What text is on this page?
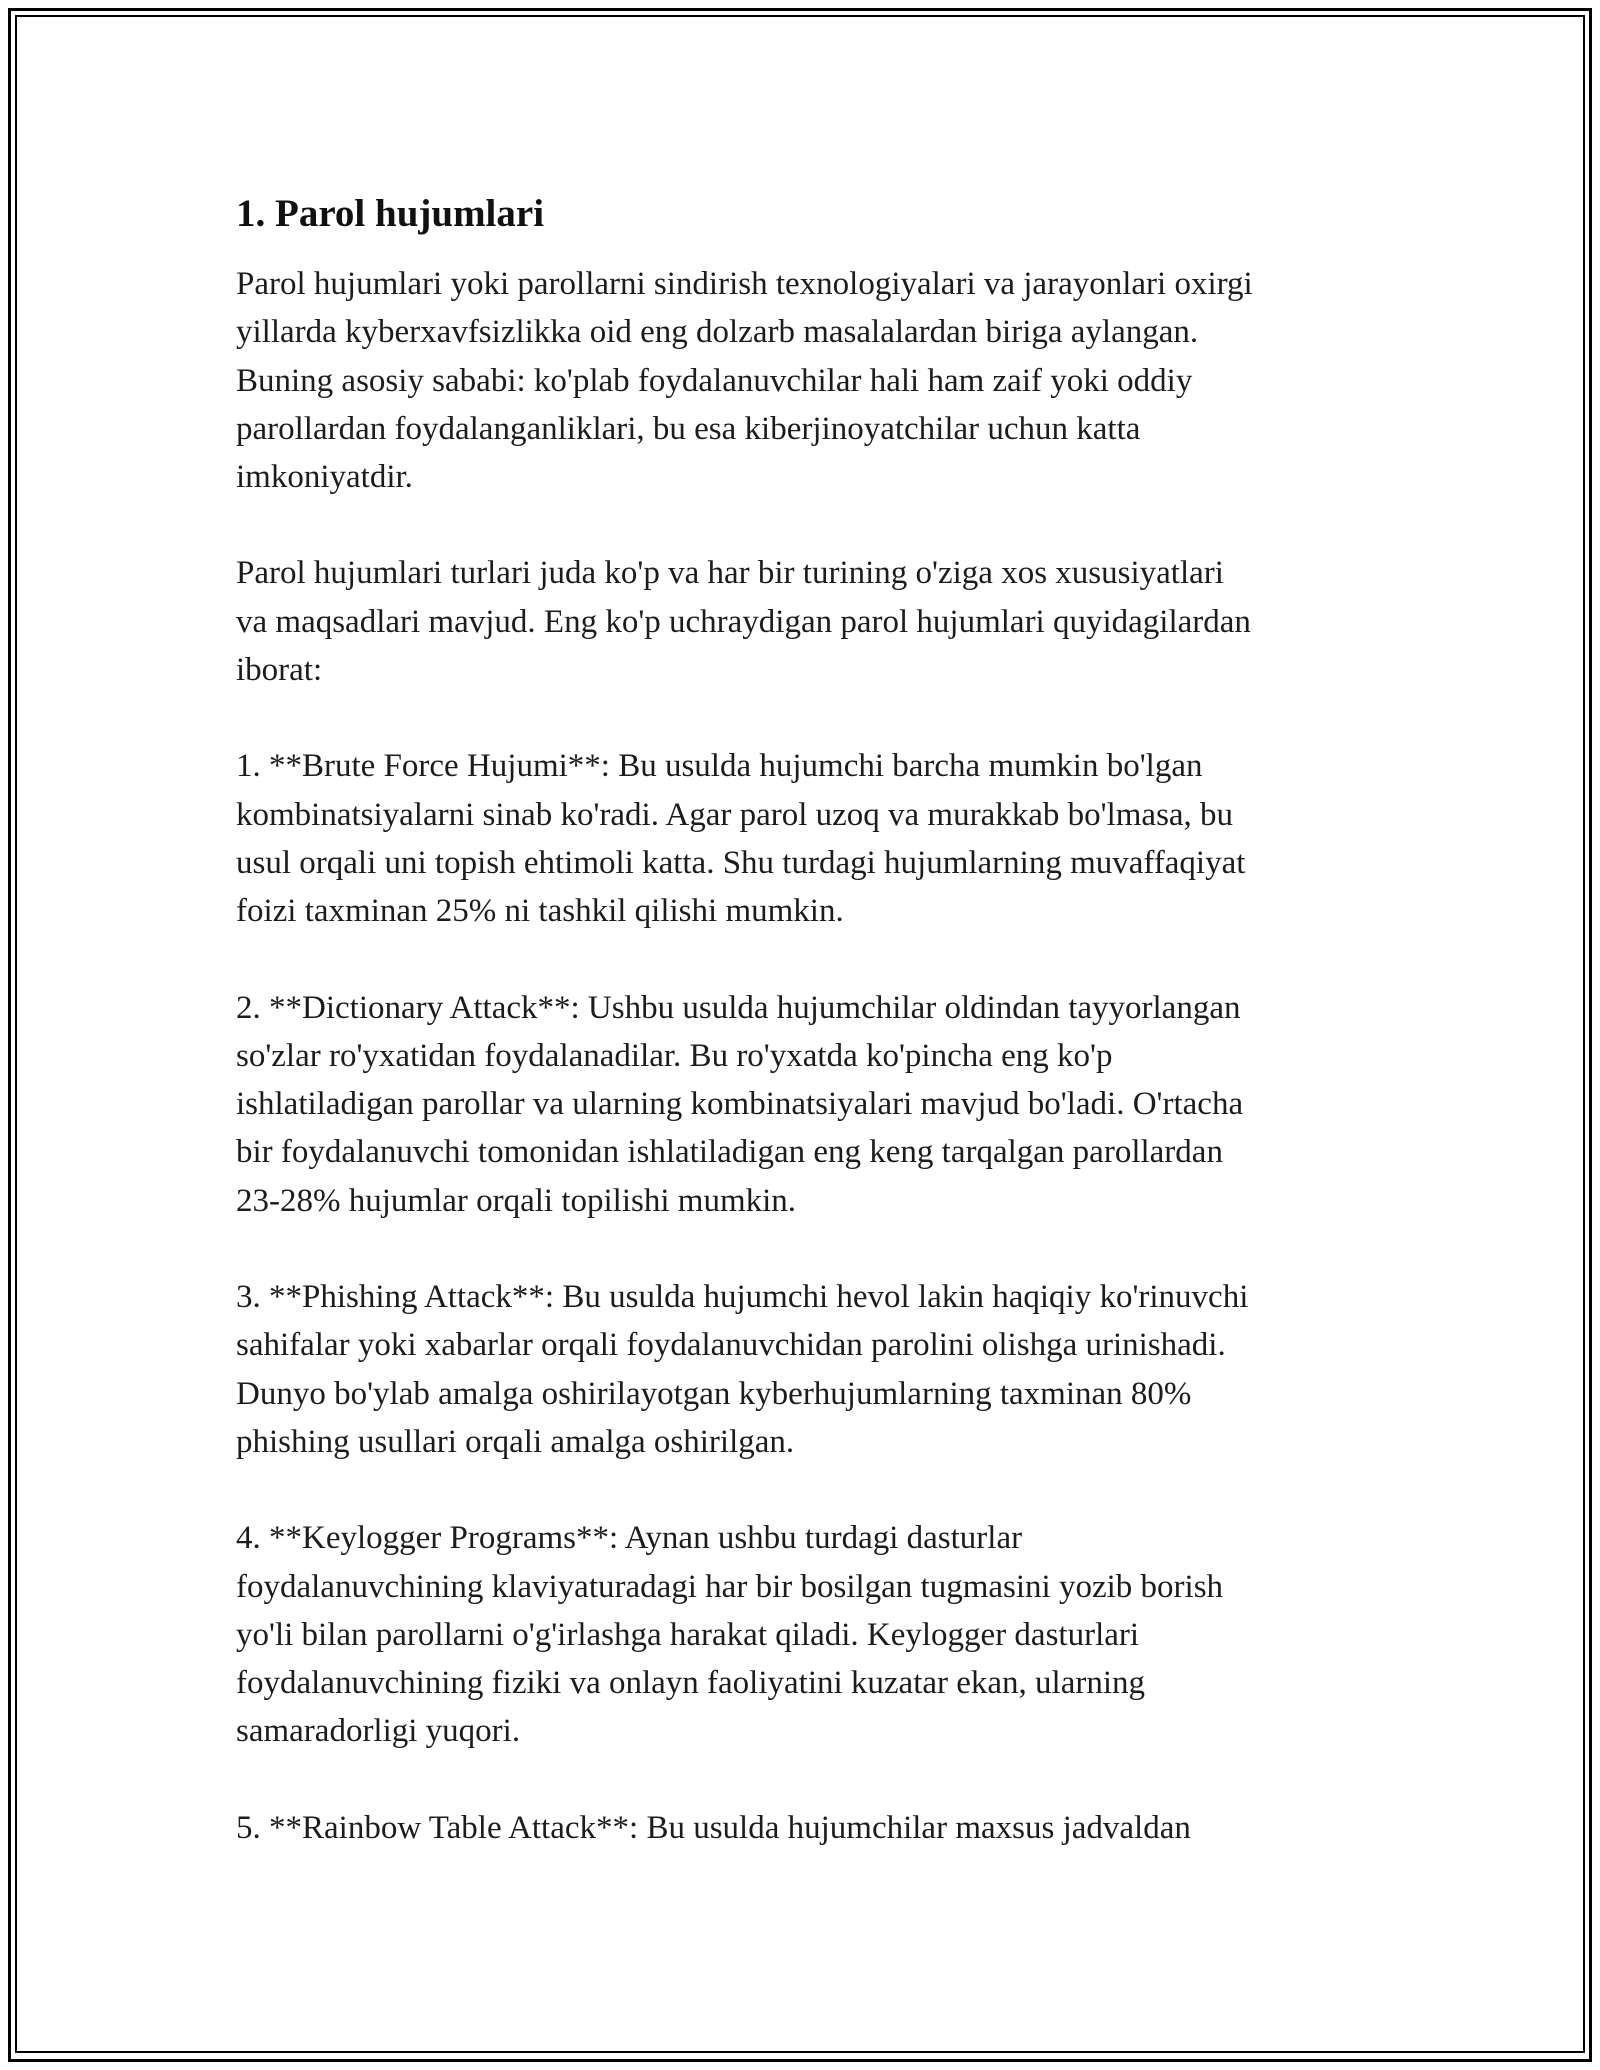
1. Parol hujumlari

Parol hujumlari yoki parollarni sindirish texnologiyalari va jarayonlari oxirgi
yillarda kyberxavfsizlikka oid eng dolzarb masalalardan biriga aylangan.
Buning asosiy sababi: ko'plab foydalanuvchilar hali ham zaif yoki oddiy
parollardan foydalanganliklari, bu esa kiberjinoyatchilar uchun katta
imkoniyatdir.

Parol hujumlari turlari juda ko'p va har bir turining o'ziga xos xususiyatlari
va maqsadlari mavjud. Eng ko'p uchraydigan parol hujumlari quyidagilardan
iborat:

1. **Brute Force Hujumi**: Bu usulda hujumchi barcha mumkin bo'lgan
kombinatsiyalarni sinab ko'radi. Agar parol uzoq va murakkab bo'lmasa, bu
usul orqali uni topish ehtimoli katta. Shu turdagi hujumlarning muvaffaqiyat
foizi taxminan 25% ni tashkil qilishi mumkin.

2. **Dictionary Attack**: Ushbu usulda hujumchilar oldindan tayyorlangan
so'zlar ro'yxatidan foydalanadilar. Bu ro'yxatda ko'pincha eng ko'p
ishlatiladigan parollar va ularning kombinatsiyalari mavjud bo'ladi. O'rtacha
bir foydalanuvchi tomonidan ishlatiladigan eng keng tarqalgan parollardan
23-28% hujumlar orqali topilishi mumkin.

3. **Phishing Attack**: Bu usulda hujumchi hevol lakin haqiqiy ko'rinuvchi
sahifalar yoki xabarlar orqali foydalanuvchidan parolini olishga urinishadi.
Dunyo bo'ylab amalga oshirilayotgan kyberhujumlarning taxminan 80%
phishing usullari orqali amalga oshirilgan.

4. **Keylogger Programs**: Aynan ushbu turdagi dasturlar
foydalanuvchining klaviyaturadagi har bir bosilgan tugmasini yozib borish
yo'li bilan parollarni o'g'irlashga harakat qiladi. Keylogger dasturlari
foydalanuvchining fiziki va onlayn faoliyatini kuzatar ekan, ularning
samaradorligi yuqori.

5. **Rainbow Table Attack**: Bu usulda hujumchilar maxsus jadvaldan
